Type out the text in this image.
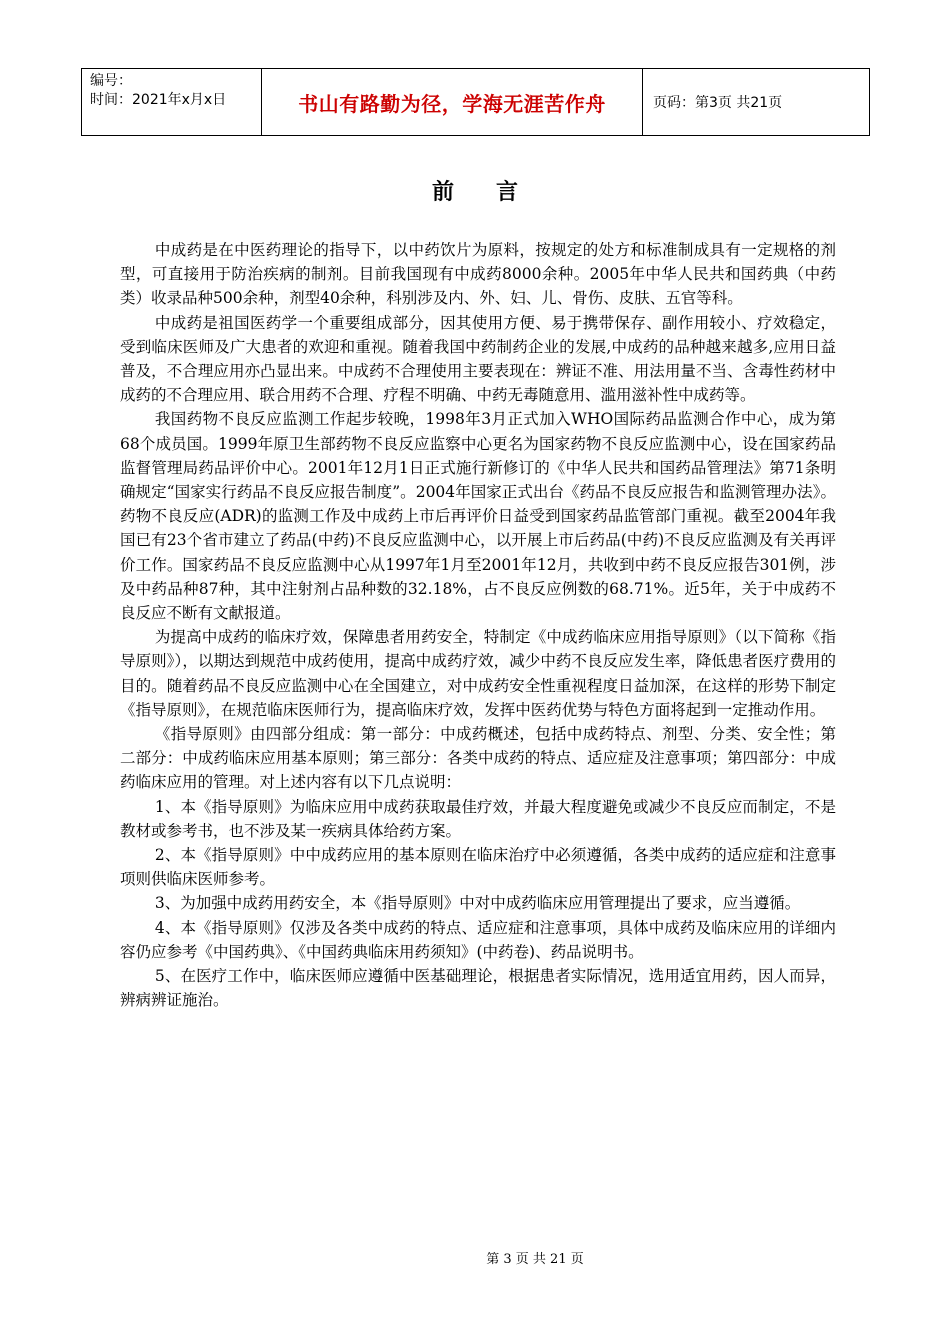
编号：
时间：2021年x月x日	书山有路勤为径，学海无涯苦作舟	页码：第3页 共21页
前言

中成药是在中医药理论的指导下，以中药饮片为原料，按规定的处方和标准制成具有一定规格的剂型，可直接用于防治疾病的制剂。目前我国现有中成药8000余种。2005年中华人民共和国药典（中药类）收录品种500余种，剂型40余种，科别涉及内、外、妇、儿、骨伤、皮肤、五官等科。

中成药是祖国医药学一个重要组成部分，因其使用方便、易于携带保存、副作用较小、疗效稳定，受到临床医师及广大患者的欢迎和重视。随着我国中药制药企业的发展,中成药的品种越来越多,应用日益普及，不合理应用亦凸显出来。中成药不合理使用主要表现在：辨证不准、用法用量不当、含毒性药材中成药的不合理应用、联合用药不合理、疗程不明确、中药无毒随意用、滥用滋补性中成药等。

我国药物不良反应监测工作起步较晚，1998年3月正式加入WHO国际药品监测合作中心，成为第68个成员国。1999年原卫生部药物不良反应监察中心更名为国家药物不良反应监测中心，设在国家药品监督管理局药品评价中心。2001年12月1日正式施行新修订的《中华人民共和国药品管理法》第71条明确规定“国家实行药品不良反应报告制度”。2004年国家正式出台《药品不良反应报告和监测管理办法》。药物不良反应(ADR)的监测工作及中成药上市后再评价日益受到国家药品监管部门重视。截至2004年我国已有23个省市建立了药品(中药)不良反应监测中心，以开展上市后药品(中药)不良反应监测及有关再评价工作。国家药品不良反应监测中心从1997年1月至2001年12月，共收到中药不良反应报告301例，涉及中药品种87种，其中注射剂占品种数的32.18%，占不良反应例数的68.71%。近5年，关于中成药不良反应不断有文献报道。

为提高中成药的临床疗效，保障患者用药安全，特制定《中成药临床应用指导原则》（以下简称《指导原则》），以期达到规范中成药使用，提高中成药疗效，减少中药不良反应发生率，降低患者医疗费用的目的。随着药品不良反应监测中心在全国建立，对中成药安全性重视程度日益加深，在这样的形势下制定《指导原则》，在规范临床医师行为，提高临床疗效，发挥中医药优势与特色方面将起到一定推动作用。

《指导原则》由四部分组成：第一部分：中成药概述，包括中成药特点、剂型、分类、安全性；第二部分：中成药临床应用基本原则；第三部分：各类中成药的特点、适应症及注意事项；第四部分：中成药临床应用的管理。对上述内容有以下几点说明：

1、本《指导原则》为临床应用中成药获取最佳疗效，并最大程度避免或减少不良反应而制定，不是教材或参考书，也不涉及某一疾病具体给药方案。

2、本《指导原则》中中成药应用的基本原则在临床治疗中必须遵循，各类中成药的适应症和注意事项则供临床医师参考。

3、为加强中成药用药安全，本《指导原则》中对中成药临床应用管理提出了要求，应当遵循。

4、本《指导原则》仅涉及各类中成药的特点、适应症和注意事项，具体中成药及临床应用的详细内容仍应参考《中国药典》、《中国药典临床用药须知》(中药卷)、药品说明书。

5、在医疗工作中，临床医师应遵循中医基础理论，根据患者实际情况，选用适宜用药，因人而异，辨病辨证施治。

第 3 页 共 21 页
